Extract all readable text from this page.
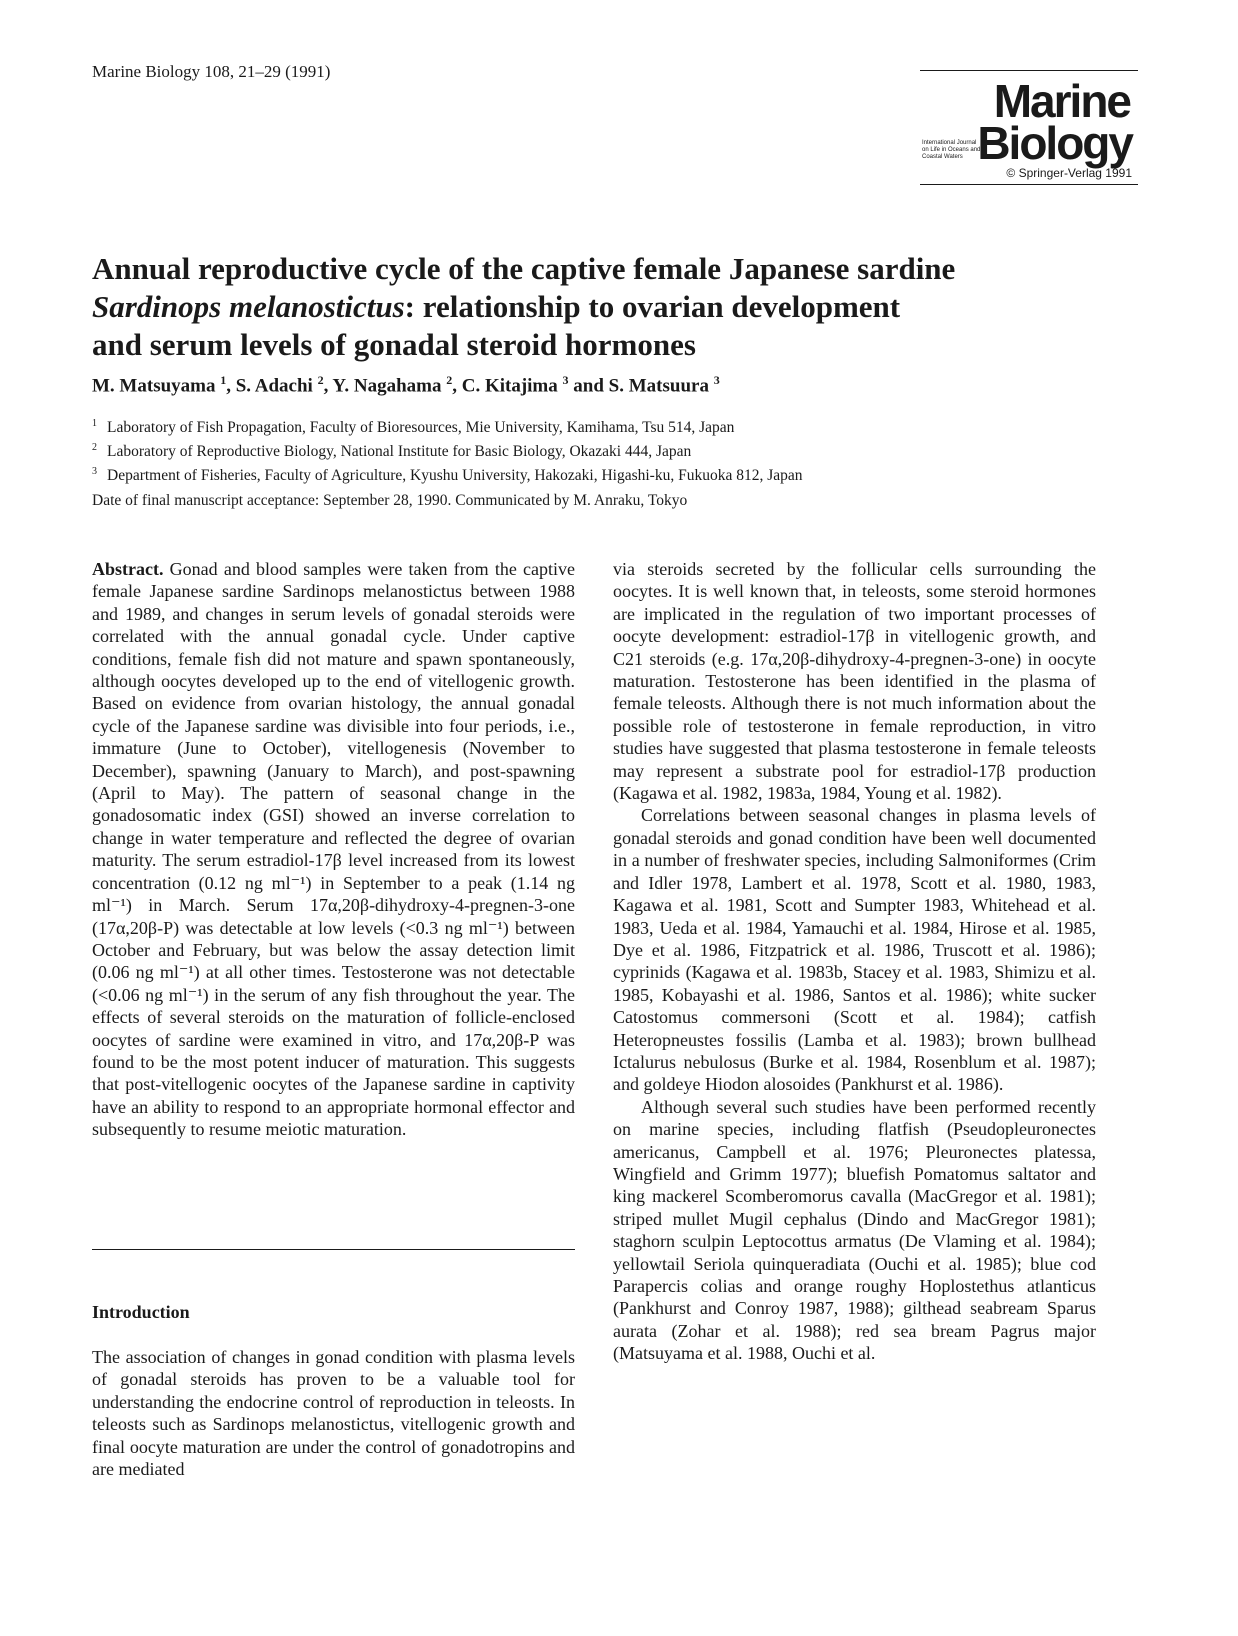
Marine Biology 108, 21–29 (1991)
Marine
International Journal on Life in Oceans and Coastal Waters Biology
© Springer-Verlag 1991
Annual reproductive cycle of the captive female Japanese sardine
Sardinops melanostictus: relationship to ovarian development
and serum levels of gonadal steroid hormones

M. Matsuyama $^1$, S. Adachi $^2$, Y. Nagahama $^2$, C. Kitajima $^3$ and S. Matsuura $^3$

$^1$ Laboratory of Fish Propagation, Faculty of Bioresources, Mie University, Kamihama, Tsu 514, Japan
$^2$ Laboratory of Reproductive Biology, National Institute for Basic Biology, Okazaki 444, Japan
$^3$ Department of Fisheries, Faculty of Agriculture, Kyushu University, Hakozaki, Higashi-ku, Fukuoka 812, Japan
Date of final manuscript acceptance: September 28, 1990. Communicated by M. Anraku, Tokyo

Abstract. Gonad and blood samples were taken from the captive female Japanese sardine Sardinops melanostictus between 1988 and 1989, and changes in serum levels of gonadal steroids were correlated with the annual gonadal cycle. Under captive conditions, female fish did not mature and spawn spontaneously, although oocytes developed up to the end of vitellogenic growth. Based on evidence from ovarian histology, the annual gonadal cycle of the Japanese sardine was divisible into four periods, i.e., immature (June to October), vitellogenesis (November to December), spawning (January to March), and post-spawning (April to May). The pattern of seasonal change in the gonadosomatic index (GSI) showed an inverse correlation to change in water temperature and reflected the degree of ovarian maturity. The serum estradiol-17β level increased from its lowest concentration (0.12 ng ml⁻¹) in September to a peak (1.14 ng ml⁻¹) in March. Serum 17α,20β-dihydroxy-4-pregnen-3-one (17α,20β-P) was detectable at low levels (<0.3 ng ml⁻¹) between October and February, but was below the assay detection limit (0.06 ng ml⁻¹) at all other times. Testosterone was not detectable (<0.06 ng ml⁻¹) in the serum of any fish throughout the year. The effects of several steroids on the maturation of follicle-enclosed oocytes of sardine were examined in vitro, and 17α,20β-P was found to be the most potent inducer of maturation. This suggests that post-vitellogenic oocytes of the Japanese sardine in captivity have an ability to respond to an appropriate hormonal effector and subsequently to resume meiotic maturation.

Introduction

The association of changes in gonad condition with plasma levels of gonadal steroids has proven to be a valuable tool for understanding the endocrine control of reproduction in teleosts. In teleosts such as Sardinops melanostictus, vitellogenic growth and final oocyte maturation are under the control of gonadotropins and are mediated

via steroids secreted by the follicular cells surrounding the oocytes. It is well known that, in teleosts, some steroid hormones are implicated in the regulation of two important processes of oocyte development: estradiol-17β in vitellogenic growth, and C21 steroids (e.g. 17α,20β-dihydroxy-4-pregnen-3-one) in oocyte maturation. Testosterone has been identified in the plasma of female teleosts. Although there is not much information about the possible role of testosterone in female reproduction, in vitro studies have suggested that plasma testosterone in female teleosts may represent a substrate pool for estradiol-17β production (Kagawa et al. 1982, 1983a, 1984, Young et al. 1982).

Correlations between seasonal changes in plasma levels of gonadal steroids and gonad condition have been well documented in a number of freshwater species, including Salmoniformes (Crim and Idler 1978, Lambert et al. 1978, Scott et al. 1980, 1983, Kagawa et al. 1981, Scott and Sumpter 1983, Whitehead et al. 1983, Ueda et al. 1984, Yamauchi et al. 1984, Hirose et al. 1985, Dye et al. 1986, Fitzpatrick et al. 1986, Truscott et al. 1986); cyprinids (Kagawa et al. 1983b, Stacey et al. 1983, Shimizu et al. 1985, Kobayashi et al. 1986, Santos et al. 1986); white sucker Catostomus commersoni (Scott et al. 1984); catfish Heteropneustes fossilis (Lamba et al. 1983); brown bullhead Ictalurus nebulosus (Burke et al. 1984, Rosenblum et al. 1987); and goldeye Hiodon alosoides (Pankhurst et al. 1986).

Although several such studies have been performed recently on marine species, including flatfish (Pseudopleuronectes americanus, Campbell et al. 1976; Pleuronectes platessa, Wingfield and Grimm 1977); bluefish Pomatomus saltator and king mackerel Scomberomorus cavalla (MacGregor et al. 1981); striped mullet Mugil cephalus (Dindo and MacGregor 1981); staghorn sculpin Leptocottus armatus (De Vlaming et al. 1984); yellowtail Seriola quinqueradiata (Ouchi et al. 1985); blue cod Parapercis colias and orange roughy Hoplostethus atlanticus (Pankhurst and Conroy 1987, 1988); gilthead seabream Sparus aurata (Zohar et al. 1988); red sea bream Pagrus major (Matsuyama et al. 1988, Ouchi et al.
